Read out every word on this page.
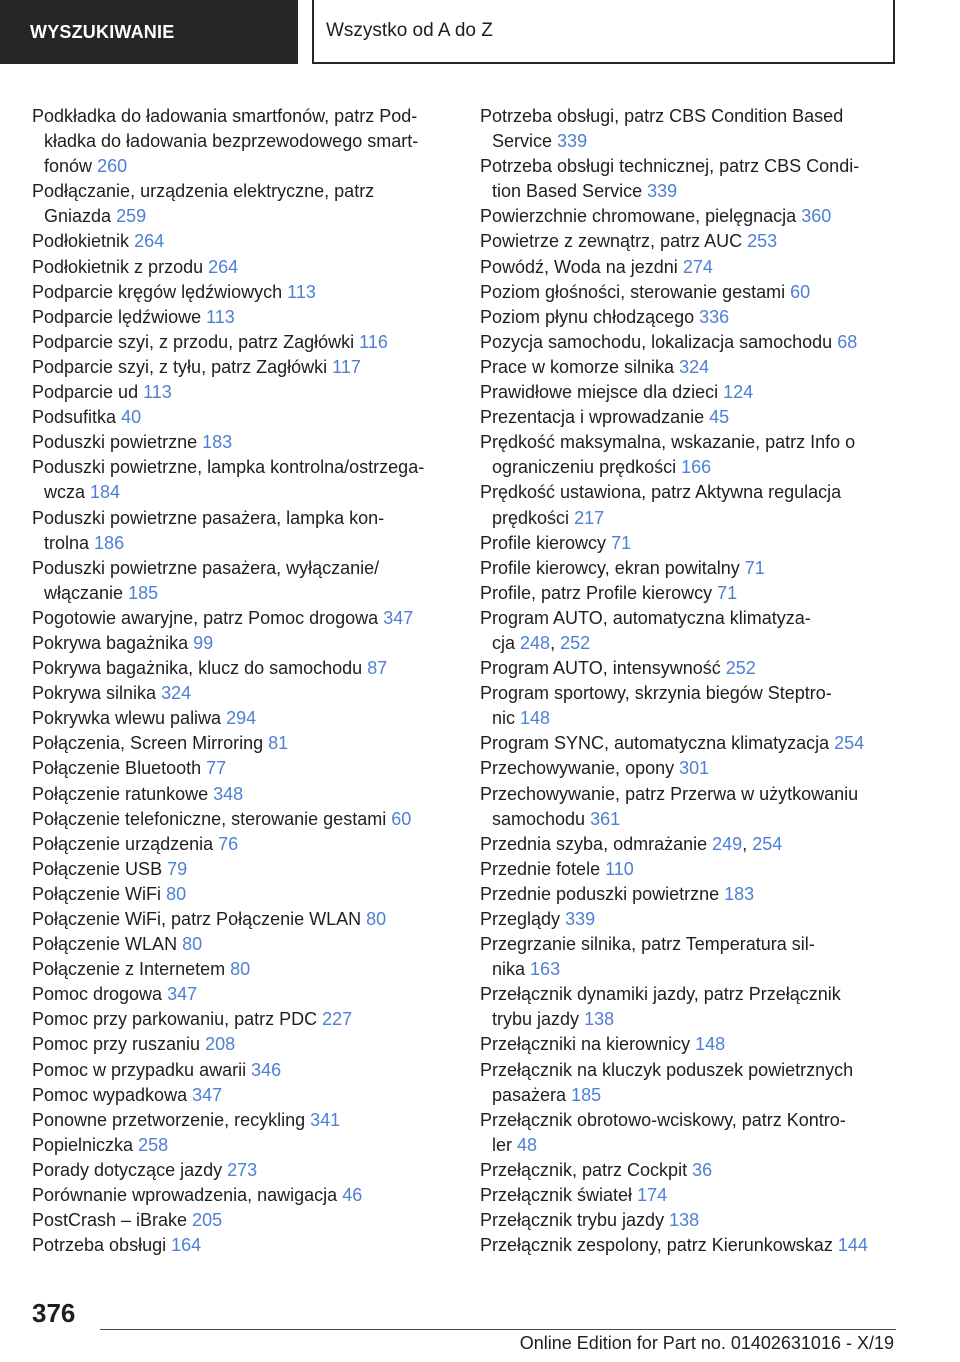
WYSZUKIWANIE	Wszystko od A do Z
Podkładka do ładowania smartfonów, patrz Pod-
kładka do ładowania bezprzewodowego smart-
fonów 260
Podłączanie, urządzenia elektryczne, patrz
Gniazda 259
Podłokietnik 264
Podłokietnik z przodu 264
Podparcie kręgów lędźwiowych 113
Podparcie lędźwiowe 113
Podparcie szyi, z przodu, patrz Zagłówki 116
Podparcie szyi, z tyłu, patrz Zagłówki 117
Podparcie ud 113
Podsufitka 40
Poduszki powietrzne 183
Poduszki powietrzne, lampka kontrolna/ostrzega-
wcza 184
Poduszki powietrzne pasażera, lampka kon-
trolna 186
Poduszki powietrzne pasażera, wyłączanie/
włączanie 185
Pogotowie awaryjne, patrz Pomoc drogowa 347
Pokrywa bagażnika 99
Pokrywa bagażnika, klucz do samochodu 87
Pokrywa silnika 324
Pokrywka wlewu paliwa 294
Połączenia, Screen Mirroring 81
Połączenie Bluetooth 77
Połączenie ratunkowe 348
Połączenie telefoniczne, sterowanie gestami 60
Połączenie urządzenia 76
Połączenie USB 79
Połączenie WiFi 80
Połączenie WiFi, patrz Połączenie WLAN 80
Połączenie WLAN 80
Połączenie z Internetem 80
Pomoc drogowa 347
Pomoc przy parkowaniu, patrz PDC 227
Pomoc przy ruszaniu 208
Pomoc w przypadku awarii 346
Pomoc wypadkowa 347
Ponowne przetworzenie, recykling 341
Popielniczka 258
Porady dotyczące jazdy 273
Porównanie wprowadzenia, nawigacja 46
PostCrash – iBrake 205
Potrzeba obsługi 164
Potrzeba obsługi, patrz CBS Condition Based
Service 339
Potrzeba obsługi technicznej, patrz CBS Condi-
tion Based Service 339
Powierzchnie chromowane, pielęgnacja 360
Powietrze z zewnątrz, patrz AUC 253
Powódź, Woda na jezdni 274
Poziom głośności, sterowanie gestami 60
Poziom płynu chłodzącego 336
Pozycja samochodu, lokalizacja samochodu 68
Prace w komorze silnika 324
Prawidłowe miejsce dla dzieci 124
Prezentacja i wprowadzanie 45
Prędkość maksymalna, wskazanie, patrz Info o
ograniczeniu prędkości 166
Prędkość ustawiona, patrz Aktywna regulacja
prędkości 217
Profile kierowcy 71
Profile kierowcy, ekran powitalny 71
Profile, patrz Profile kierowcy 71
Program AUTO, automatyczna klimatyza-
cja 248, 252
Program AUTO, intensywność 252
Program sportowy, skrzynia biegów Steptro-
nic 148
Program SYNC, automatyczna klimatyzacja 254
Przechowywanie, opony 301
Przechowywanie, patrz Przerwa w użytkowaniu
samochodu 361
Przednia szyba, odmrażanie 249, 254
Przednie fotele 110
Przednie poduszki powietrzne 183
Przeglądy 339
Przegrzanie silnika, patrz Temperatura sil-
nika 163
Przełącznik dynamiki jazdy, patrz Przełącznik
trybu jazdy 138
Przełączniki na kierownicy 148
Przełącznik na kluczyk poduszek powietrznych
pasażera 185
Przełącznik obrotowo-wciskowy, patrz Kontro-
ler 48
Przełącznik, patrz Cockpit 36
Przełącznik świateł 174
Przełącznik trybu jazdy 138
Przełącznik zespolony, patrz Kierunkowskaz 144
376
Online Edition for Part no. 01402631016 - X/19
